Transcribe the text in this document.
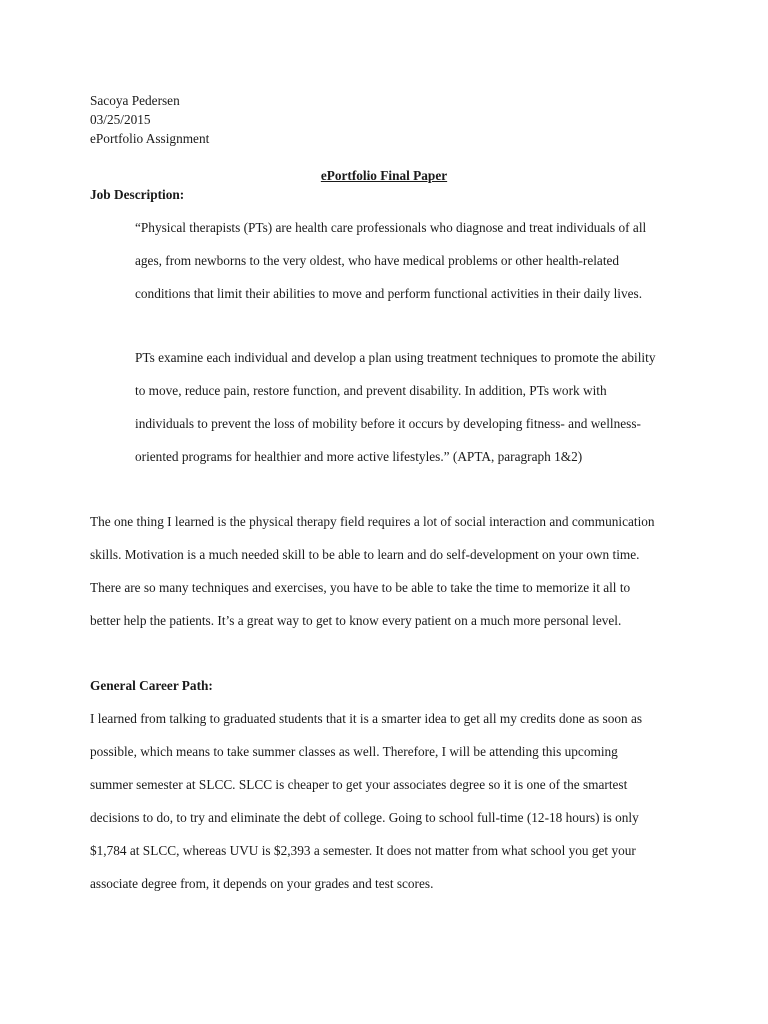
Sacoya Pedersen
03/25/2015
ePortfolio Assignment
ePortfolio Final Paper
Job Description:
“Physical therapists (PTs) are health care professionals who diagnose and treat individuals of all
ages, from newborns to the very oldest, who have medical problems or other health-related
conditions that limit their abilities to move and perform functional activities in their daily lives.
PTs examine each individual and develop a plan using treatment techniques to promote the ability
to move, reduce pain, restore function, and prevent disability. In addition, PTs work with
individuals to prevent the loss of mobility before it occurs by developing fitness- and wellness-
oriented programs for healthier and more active lifestyles.” (APTA, paragraph 1&2)
The one thing I learned is the physical therapy field requires a lot of social interaction and communication
skills. Motivation is a much needed skill to be able to learn and do self-development on your own time.
There are so many techniques and exercises, you have to be able to take the time to memorize it all to
better help the patients. It’s a great way to get to know every patient on a much more personal level.
General Career Path:
I learned from talking to graduated students that it is a smarter idea to get all my credits done as soon as
possible, which means to take summer classes as well. Therefore, I will be attending this upcoming
summer semester at SLCC. SLCC is cheaper to get your associates degree so it is one of the smartest
decisions to do, to try and eliminate the debt of college. Going to school full-time (12-18 hours) is only
$1,784 at SLCC, whereas UVU is $2,393 a semester. It does not matter from what school you get your
associate degree from, it depends on your grades and test scores.
